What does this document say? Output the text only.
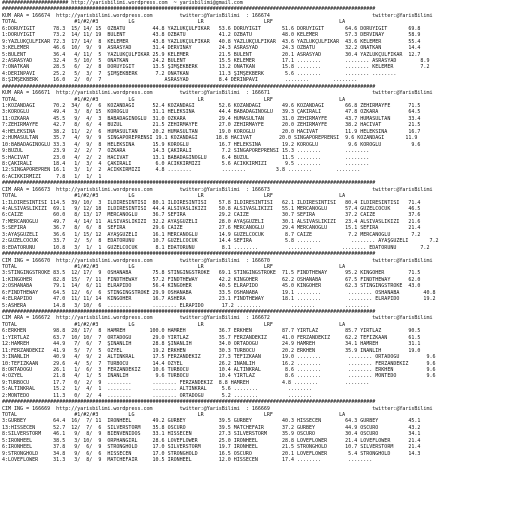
###################### http://yarisbilimi.wordpress.com  ~ yarisbilimi@gmail.com
############################################################################################################################
KUM ARA = 166674  http://yarisbilimi.wordpress.com         twitter:@YarisBilimi  : 166674                                  twitter:@YarisBilimi
TOTAL                   #1/#2/#3          LG                     LR                    LRF                      LA
6:DORUYIĞIT      78.3  15/ 14/ 15  ÖZBATU         44.8 YAZLUKÇULFİKAR   53.6 DORUYIĞIT       51.6 DORUYIĞIT       64.6 DORUYIĞIT       69.8
1:DORUYIĞIT      73.2  14/ 11/ 19  BULENT         43.8 ÖZBATU           41.2 ÖZBATU          48.0 KELEMER         57.3 DERVINAY        58.9
9:YAZLUKÇULFİKAR 72.3  17/ 14/  8  KELEMER        43.8 YAZLUKÇULFİKAR   40.8 YAZLUKÇULFİKAR  43.6 YAZLUKÇULFİKAR  43.6 KELEMER         55.4
3:KELEMER        46.6  10/  9/  9  ASRASYAD       31.4 DERVINAY         24.3 ASRASYAD        24.3 ÖZBATU          32.2 ONATKAN         14.4
5:BULENT         36.4   4/ 11/  5  YAZLUKÇULFİKAR 25.9 KELEMER          21.5 BULENT          20.1 ASRASYAD        30.4 YAZLUKÇULFİKAR  12.7
2:ASRASYAD       32.4   5/ 10/  5  ONATKAN        24.2 BULENT           15.5 KELEMER         17.1 ........        ........ ASRASYAD        8.9
7:ONATKAN        28.5   6/  2/  8  DORUYIĞIT      13.5 ŞİMŞEKBERK       13.2 ONATKAN         15.8 ........        ........ KELEMER         7.2
4:DERİNPAVI      25.2   5/  3/  7  ŞİMŞEKBERK      7.2 ONATKAN          11.3 ŞİMŞEKBERK       5.6 ........        ........ ........
8:ŞİMŞEKBERK     16.0   2/  0/  7                     ASRASYAD          8.4 DERİNPAVI         ........        ........
############################################################################################################################
KUM ARA = 166671  http://yarisbilimi.wordpress.com         twitter:@YarisBilimi  : 166671                                  twitter:@YarisBilimi
TOTAL                   #1/#2/#3          LG                     LR                    LRF                      LA
1:KOZANDAĞI      70.2  34/  6/  6  KOZANDAĞI      52.4 KOZANDAĞI        52.6 KOZANDAĞI       49.6 KOZANDAĞI       66.8 ZEHİRMAYFE      71.5
3:KÖROĞLU        49.4   3/  8/ 15  KÖROĞLU        31.1 HELEKSİNA        44.4 BABADAĞINOĞLU   39.3 ÇAKIRALİ        47.8 ÖZKARA          64.5
11:ÖZKARA        45.5   9/  4/  3  BABADAĞINOĞLU  31.0 ÖZKARA           29.4 HÜMASULTAN      31.0 ZEHİRMAYFE      43.7 HÜMASULTAN      33.4
7:ZEHİRMAYFE     42.7   8/  6/  4  BUZUL          21.5 ZEHİRMAYFE       27.0 ZEHİRMAYFE      20.0 ZEHİRMAYFE      38.2 HACIVAT         21.5
4:HELEKSİNA      38.2  11/  2/  6  HÜMASULTAN     20.2 HÜMASULTAN       19.0 KÖROĞLU         20.0 HACIVAT         11.9 HELEKSİNA       16.7
2:HÜMASULTAN     35.7   4/  9/  9  SİNGAPOREPRENSİ 19.1 KOZANDAĞI      18.8 HACIVAT         20.0 SİNGAPOREPRENSİ  9.6 KOZANDAĞI       11.9
10:BABADAĞINOĞLU 33.3   4/  9/  8  HELEKSİNA      15.9 KÖROĞLU          16.7 HELEKSİNA       19.2 KÖROĞLU          9.6 KÖROĞLU          9.6
9:BUZUL          23.9   2/  2/  7  ÖZKARA         14.3 ÇAKIRALİ          7.2 SİNGAPOREPRENSİ 15.3 ........        ........
5:HACIVAT        23.0   4/  2/  2  HACIVAT        13.1 BABADAĞINOĞLU     6.4 BUZUL           11.5 ........        ........
8:ÇAKIRALİ       18.4   1/  3/  4  ÇAKIRALİ        6.0 ACIKKIRMIZI       5.6 ACIKKIRMIZI      9.5 ........        ........
12:SİNGAPOREPREN 16.1   3/  1/  2  ACIKKIRMIZI     4.8 ........          ........          3.8 ........        ........
6:ACIKKIRMIZI     7.8   1/  1/  1
############################################################################################################################
CIM ARA = 166673  http://yarisbilimi.wordpress.com         twitter:@YarisBilimi  : 166673                                  twitter:@YarisBilimi
TOTAL                   #1/#2/#3          LG                     LR                    LRF                      LA
1:ILDIRESİNTİSİ 114.5  39/ 10/  3  ILDIRESİNTİSİ  80.1 ILDIRESİNTİSİ    57.8 ILDIRESİNTİSİ   62.1 ILDIRESİNTİSİ   80.4 ILDIRESİNTİSİ   71.4
4:ALSİVASLIKIZI  69.1   9/ 12/ 18  ILDIRESİNTİSİ  44.4 ALSİVASLIKIZI    50.8 ALSİVASLIKIZI   55.1 MERCANOĞLU      57.4 GÜZELCOCUK      46.5
6:CAİZE          60.0   8/ 13/ 17  MERCANOĞLU     36.7 SEFİRA           29.2 CAİZE           30.7 SEFİRA          37.2 CAİZE           37.6
7:MERCANOĞLU     49.7   4/ 14/ 11  ALSİVASLIKIZI  32.2 AYAŞGÜZELİ       28.0 AYAŞGÜZELİ      30.1 ALSİVASLIKIZI   23.4 ALSİVASLIKIZI   21.6
5:SEFİRA         36.7   8/  6/  8  SEFİRA         29.6 CAİZE            27.6 MERCANOĞLU      29.4 MERCANOĞLU      15.1 SEFİRA          21.4
3:AYAŞGÜZELİ     36.6   1/ 15/ 12  AYAŞGÜZELİ     16.1 MERCANOĞLU       14.9 GÜZELCOCUK       8.7 CAİZE            7.2 MERCANOĞLU       7.2
2:GÜZELCOCUK     33.7   2/  5/  8  EDATORUNU      10.7 GÜZELCOCUK       14.4 SEFİRA           5.8 ........          ........ AYAŞGÜZELİ       7.2
8:EDATORUNU      10.8   3/  1/  1  GÜZELCOCUK      8.1 EDATORUNU         8.1 ........          ........          ........ EDATORUNU        7.2
############################################################################################################################
CIM ING = 166670  http://yarisbilimi.wordpress.com         twitter:@YarisBilimi  : 166670                                  twitter:@YarisBilimi
TOTAL                   #1/#2/#3          LG                     LR                    LRF                      LA
3:STINGINGSTROKE 83.5  12/ 17/  9  OSHANABA       75.8 STINGINGSTROKE   69.1 STINGINGSTROKE  71.5 FINDTHEWAY      95.2 KINGOHER        71.5
1:KINGOHER       82.8  15/  7/ 11  FINDTHEWAY     57.2 FINDTHEWAY       42.2 KINGOHER        62.2 OSHANABA        67.5 FINDTHEWAY      62.0
2:OSHANABA       79.1  14/  6/ 11  ELRAPIDO       56.4 KINGOHER         40.5 ELRAPIDO        45.0 KINGOHER        62.3 STINGINGSTROKE  43.0
6:FINDTHEWAY     64.5  12/  6/  6  STINGINGSTROKE 29.9 OSHANABA         33.5 OSHANABA        19.1 ........         ........ OSHANABA        40.8
4:ELRAPIDO       47.0  11/ 11/ 14  KINGOHER       16.7 ASHERA           23.1 FINDTHEWAY      18.1 ........         ........ ELRAPIDO        19.2
5:ASHERA         14.8   3/ 10/  6  ........       ........ ELRAPIDO      17.2 ........          ........          ........
############################################################################################################################
CIM ARA = 166672  http://yarisbilimi.wordpress.com         twitter:@YarisBilimi  : 166672                                  twitter:@YarisBilimi
TOTAL                   #1/#2/#3          LG                     LR                    LRF                      LA
6:ERKHEN         98.8  28/ 17/  8  HAMREH        100.0 HAMREH           36.7 ERKHEN          87.7 YIRTLAZ         85.7 YIRTLAZ         90.5
1:YIRTLAZ        63.7  10/ 10/  7  ORTADOĞU       29.0 YIRTLAZ          35.7 FERZANDEKIZ     41.0 FERZANDEKIZ     62.2 TEFIZKAAN       61.5
12:HAMREH        44.9   7/  6/  7  ŞINANLIH       28.8 ŞINANLIH         34.0 ORTADOĞU        24.9 HAMREH          34.1 HAMREH          31.1
11:FERZANDEKIZ   41.9   5/  7/  5  ÖZYEL          19.2 ERKHEN           30.3 TURBOCU         20.2 ERKHEN          35.9 İNANLIH         19.0
3:İNANLIH        40.9   4/  9/  2  ALTINKRAL      17.5 FERZANDEKIZ      27.3 TEFIZKAAN       19.0 ........         ........ ORTADOĞU         9.6
10:TEFIZKAAN     29.6   4/  5/  7  TURBOCU        14.4 ÖZYEL            26.2 İNANLIH         16.2 ........         ........ FERZANDEKIZ      9.6
8:ORTADOĞU       26.1   1/  6/  3  FERZANDEKIZ    10.6 TURBOCU          10.4 ALTINKRAL        8.6 ........         ........ ERKHEN           9.6
4:ÖZYEL          21.8   4/  1/  5  İNANLIH         9.6 TURBOCU          10.4 YIRTLAZ          8.6 ........         ........ MONTEDO          9.6
9:TURBOCU        17.7   0/  2/  9  ........       ........ FERZANDEKIZ  8.8 HAMREH           4.8 ........         ........
5:ALTINKRAL      15.2   1/  4/  1  ........       ........ ALTINKRAL     5.6 ........          ........
2:MONTEDO        11.3   0/  2/  4  ........       ........ ORTADOĞU      5.2 ........          ........
############################################################################################################################
CIM ING = 166669  http://yarisbilimi.wordpress.com         twitter:@YarisBilimi  : 166669                                  twitter:@YarisBilimi
TOTAL                   #1/#2/#3          LG                     LR                    LRF                      LA
3:GURBEY         64.4  16/  7/ 11  IRONHEEL       49.2 GURBEY           39.5 GURBEY          40.3 HISSECEN        64.3 GURBEY          45.1
13:HISSECEN      52.7  12/  7/  6  SILVERSTORM    35.8 OSCURO           39.5 MATCHEFAIR      37.2 GURBEY          44.9 OSCURO          43.2
8:SILVERSTORM    46.1   9/  8/  9  BIENVENIDOS    33.1 HISSECEN         27.3 SILVERSTORM     35.9 OSCURO          30.4 OSCURO          34.1
5:IRONHEEL       38.5   3/ 10/  9  ORPHANGIRL     28.6 LOVEFLOWER       25.0 IRONHEEL        28.8 LOVEFLOWER      21.4 LOVEFLOWER      21.4
6:IRONHEEL       37.8   9/  6/  9  STRONGHOLD     17.0 SILVERSTORM      19.7 IRONHEEL        21.5 STRONGHOLD      10.7 SILVERSTORM     21.4
9:STRONGHOLD     34.8   9/  6/  6  HISSECEN       17.0 STRONGHOLD       16.5 OSCURO          20.1 LOVEFLOWER       5.4 STRONGHOLD      14.3
4:LOVEFLOWER     31.3   3/  8/  9  MATCHEFAIR     10.5 IRONHEEL         12.0 HISSECEN        17.4 ........         ........
